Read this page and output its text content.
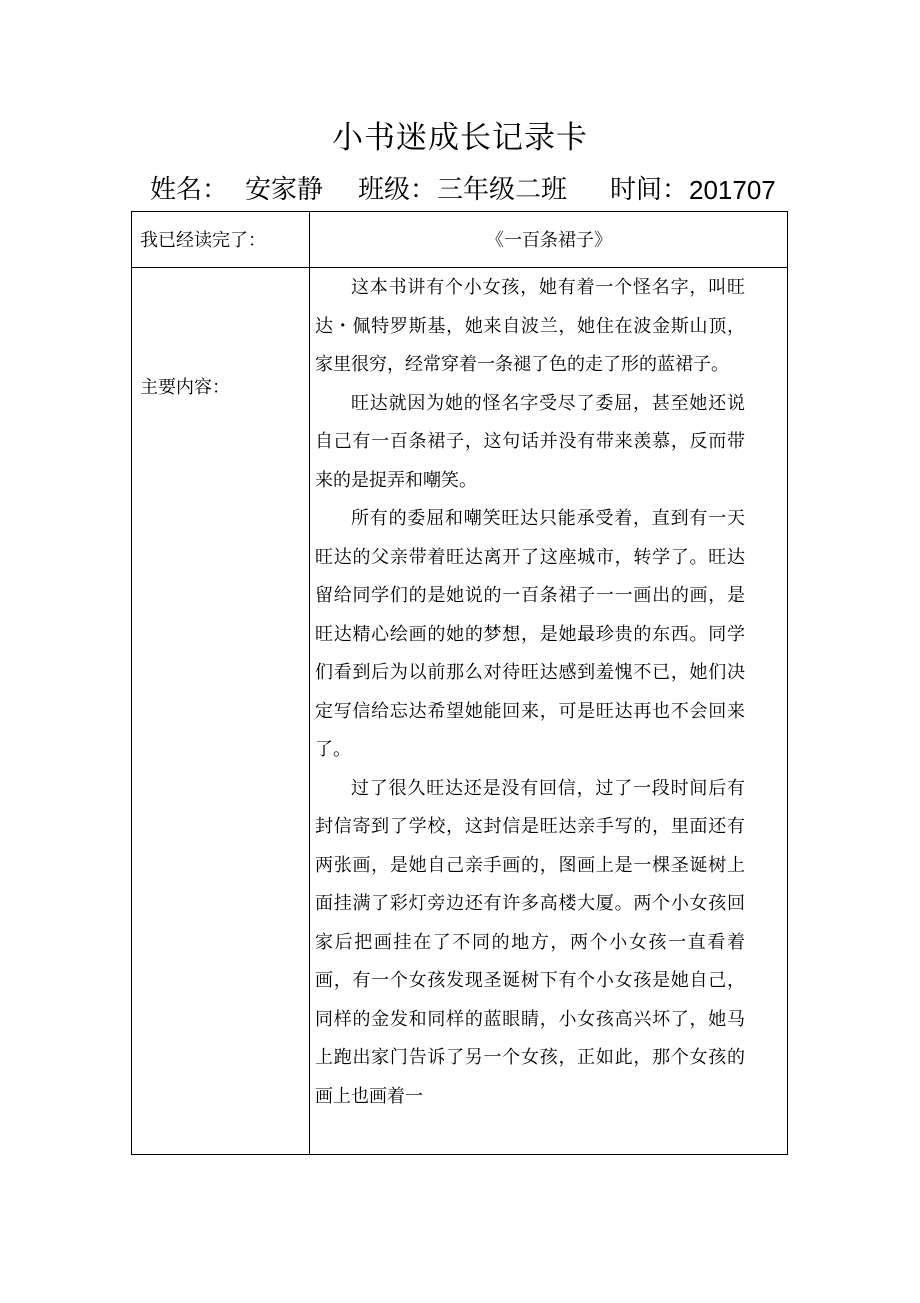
小书迷成长记录卡
姓名： 安家静 班级： 三年级二班 时间： 201707
我已经读完了：	《一百条裙子》
主要内容：

这本书讲有个小女孩，她有着一个怪名字，叫旺达・佩特罗斯基，她来自波兰，她住在波金斯山顶，家里很穷，经常穿着一条褪了色的走了形的蓝裙子。

旺达就因为她的怪名字受尽了委屈，甚至她还说自己有一百条裙子，这句话并没有带来羡慕，反而带来的是捉弄和嘲笑。

所有的委屈和嘲笑旺达只能承受着，直到有一天旺达的父亲带着旺达离开了这座城市，转学了。旺达留给同学们的是她说的一百条裙子一一画出的画，是旺达精心绘画的她的梦想，是她最珍贵的东西。同学们看到后为以前那么对待旺达感到羞愧不已，她们决定写信给忘达希望她能回来，可是旺达再也不会回来了。

过了很久旺达还是没有回信，过了一段时间后有封信寄到了学校，这封信是旺达亲手写的，里面还有两张画，是她自己亲手画的，图画上是一棵圣诞树上面挂满了彩灯旁边还有许多高楼大厦。两个小女孩回家后把画挂在了不同的地方，两个小女孩一直看着画，有一个女孩发现圣诞树下有个小女孩是她自己，同样的金发和同样的蓝眼睛，小女孩高兴坏了，她马上跑出家门告诉了另一个女孩，正如此，那个女孩的画上也画着一
